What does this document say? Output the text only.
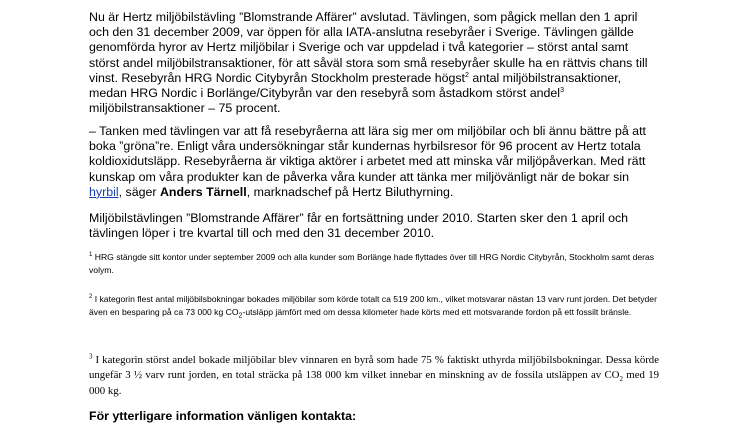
Nu är Hertz miljöbilstävling ”Blomstrande Affärer” avslutad. Tävlingen, som pågick mellan den 1 april och den 31 december 2009, var öppen för alla IATA-anslutna resebyråer i Sverige. Tävlingen gällde genomförda hyror av Hertz miljöbilar i Sverige och var uppdelad i två kategorier – störst antal samt störst andel miljöbilstransaktioner, för att såväl stora som små resebyråer skulle ha en rättvis chans till vinst. Resebyrån HRG Nordic Citybyrån Stockholm presterade högst$^2$ antal miljöbilstransaktioner, medan HRG Nordic i Borlänge/Citybyrån var den resebyrå som åstadkom störst andel$^3$ miljöbilstransaktioner – 75 procent.

– Tanken med tävlingen var att få resebyråerna att lära sig mer om miljöbilar och bli ännu bättre på att boka ”gröna”re. Enligt våra undersökningar står kundernas hyrbilsresor för 96 procent av Hertz totala koldioxidutsläpp. Resebyråerna är viktiga aktörer i arbetet med att minska vår miljöpåverkan. Med rätt kunskap om våra produkter kan de påverka våra kunder att tänka mer miljövänligt när de bokar sin hyrbil, säger Anders Tärnell, marknadschef på Hertz Biluthyrning.

Miljöbilstävlingen ”Blomstrande Affärer” får en fortsättning under 2010. Starten sker den 1 april och tävlingen löper i tre kvartal till och med den 31 december 2010.

$^1$ HRG stängde sitt kontor under september 2009 och alla kunder som Borlänge hade flyttades över till HRG Nordic Citybyrån, Stockholm samt deras volym.

$^2$ I kategorin flest antal miljöbilsbokningar bokades miljöbilar som körde totalt ca 519 200 km., vilket motsvarar nästan 13 varv runt jorden. Det betyder även en besparing på ca 73 000 kg $CO_2$-utsläpp jämfört med om dessa kilometer hade körts med ett motsvarande fordon på ett fossilt bränsle.

$^3$ I kategorin störst andel bokade miljöbilar blev vinnaren en byrå som hade 75 % faktiskt uthyrda miljöbilsbokningar. Dessa körde ungefär 3 ½ varv runt jorden, en total sträcka på 138 000 km vilket innebar en minskning av de fossila utsläppen av $CO_2$ med 19 000 kg.

För ytterligare information vänligen kontakta:
